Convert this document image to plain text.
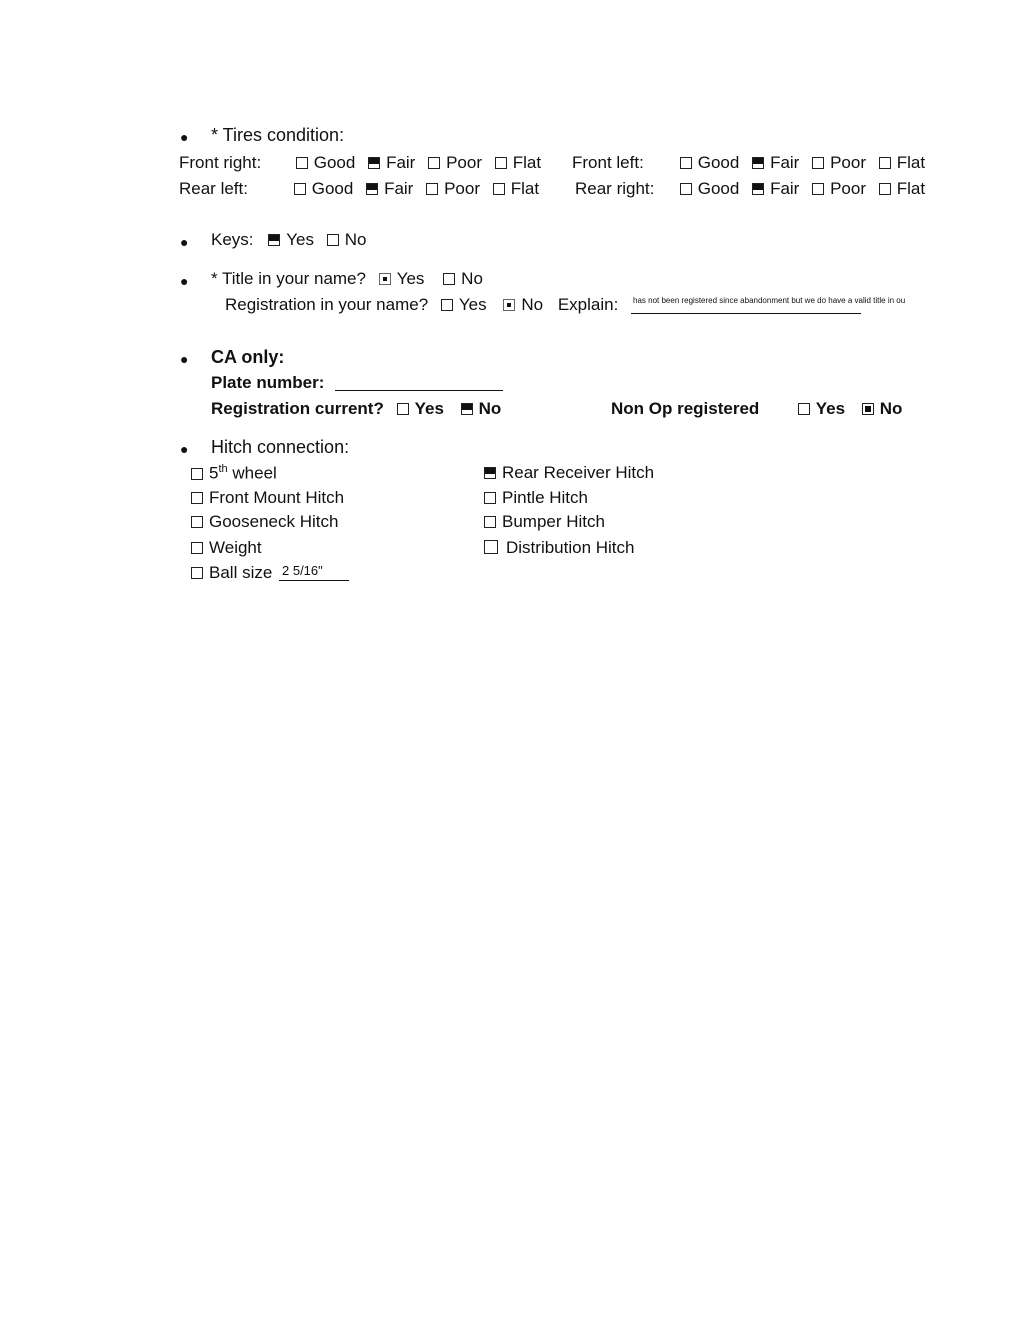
● * Tires condition:
Front right:	Good Fair Poor Flat	Front left:	Good Fair Poor Flat
Rear left:	Good Fair Poor Flat	Rear right:	Good Fair Poor Flat
● Keys: Yes No
● * Title in your name? Yes No
Registration in your name? Yes No Explain: has not been registered since abandonment but we do have a valid title in ou
● CA only:
Plate number:
Registration current? Yes No	Non Op registered	Yes No
● Hitch connection:
5th wheel
Front Mount Hitch
Gooseneck Hitch
Weight
Ball size 2 5/16"
Rear Receiver Hitch
Pintle Hitch
Bumper Hitch
Distribution Hitch
